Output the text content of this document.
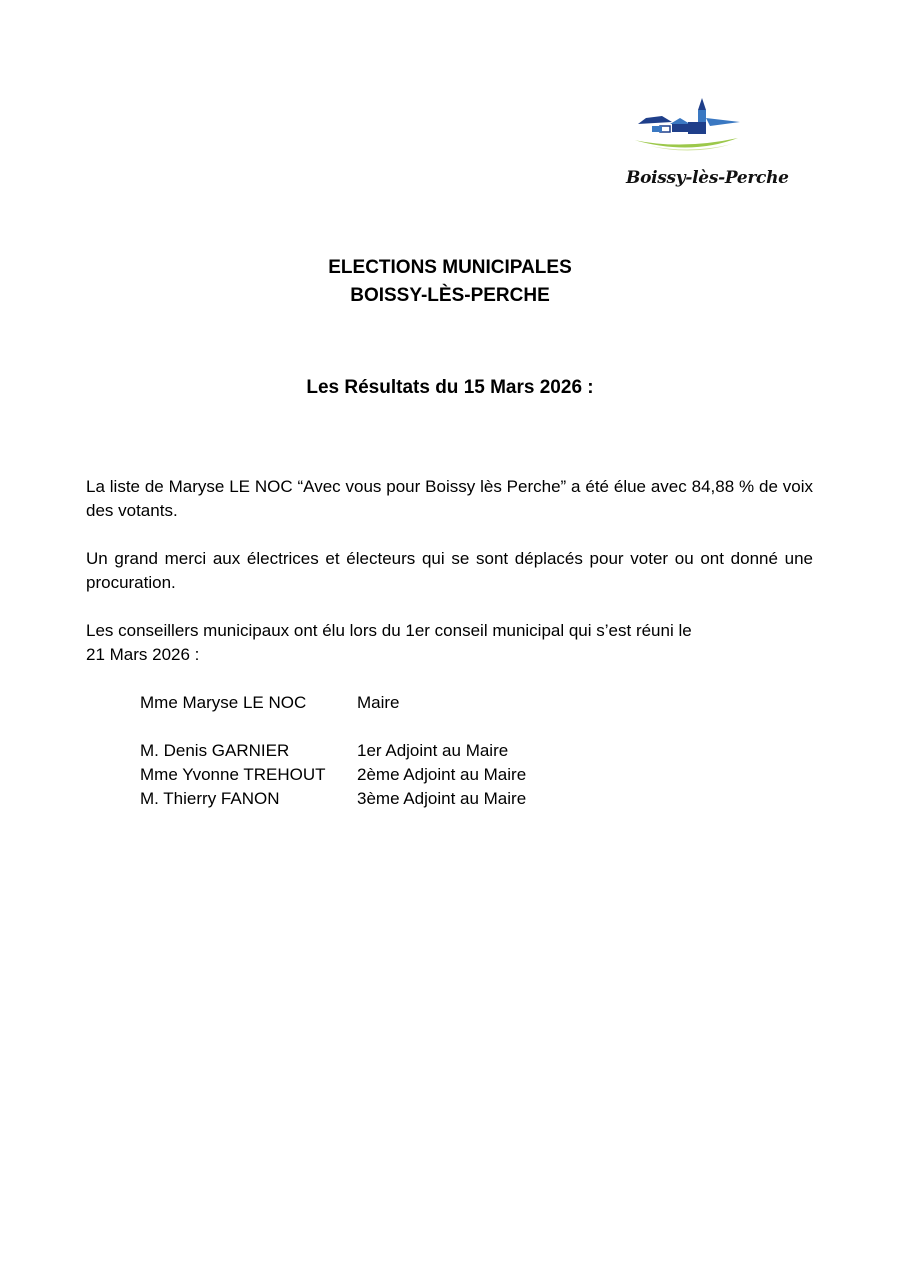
Boissy-lès-Perche
ELECTIONS MUNICIPALES
BOISSY-LÈS-PERCHE
Les Résultats du 15 Mars 2026 :
La liste de Maryse LE NOC “Avec vous pour Boissy lès Perche” a été élue avec 84,88 % de voix des votants.
Un grand merci aux électrices et électeurs qui se sont déplacés pour voter ou ont donné une procuration.
Les conseillers municipaux ont élu lors du 1er conseil municipal qui s’est réuni le
21 Mars 2026 :
Mme Maryse LE NOC	Maire
M. Denis GARNIER	1er Adjoint au Maire
Mme Yvonne TREHOUT 2ème Adjoint au Maire
M. Thierry FANON	3ème Adjoint au Maire
